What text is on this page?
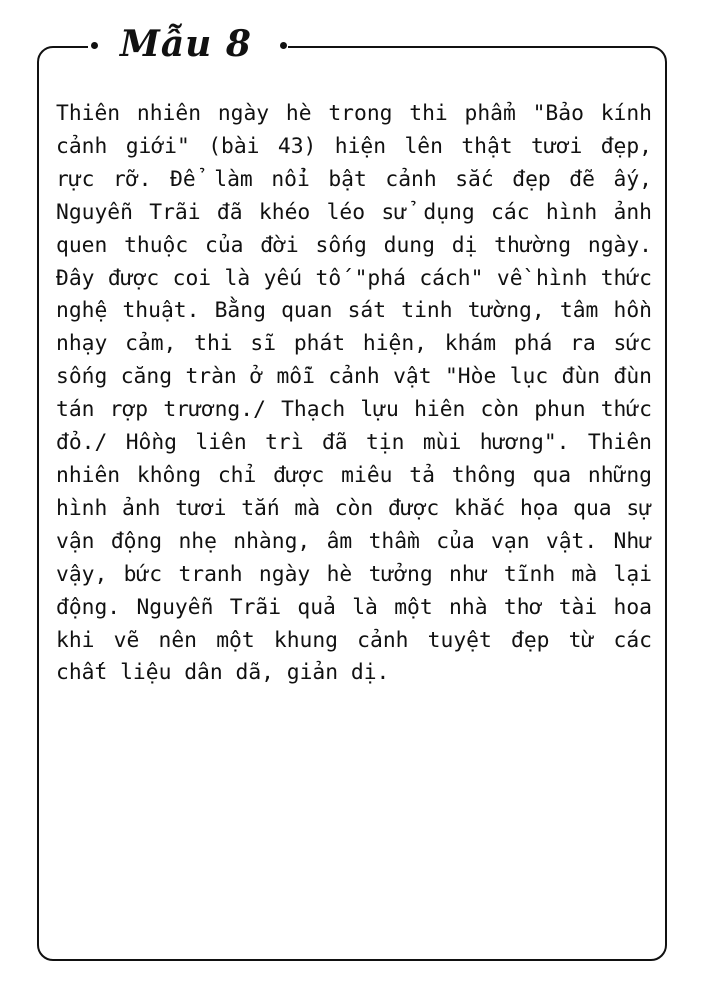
Mẫu 8

Thiên nhiên ngày hè trong thi phẩm "Bảo kính cảnh giới" (bài 43) hiện lên thật tươi đẹp, rực rỡ. Để làm nổi bật cảnh sắc đẹp đẽ ấy, Nguyễn Trãi đã khéo léo sử dụng các hình ảnh quen thuộc của đời sống dung dị thường ngày. Đây được coi là yếu tố "phá cách" về hình thức nghệ thuật. Bằng quan sát tinh tường, tâm hồn nhạy cảm, thi sĩ phát hiện, khám phá ra sức sống căng tràn ở mỗi cảnh vật "Hòe lục đùn đùn tán rợp trương./ Thạch lựu hiên còn phun thức đỏ./ Hồng liên trì đã tịn mùi hương". Thiên nhiên không chỉ được miêu tả thông qua những hình ảnh tươi tắn mà còn được khắc họa qua sự vận động nhẹ nhàng, âm thầm của vạn vật. Như vậy, bức tranh ngày hè tưởng như tĩnh mà lại động. Nguyễn Trãi quả là một nhà thơ tài hoa khi vẽ nên một khung cảnh tuyệt đẹp từ các chất liệu dân dã, giản dị.
